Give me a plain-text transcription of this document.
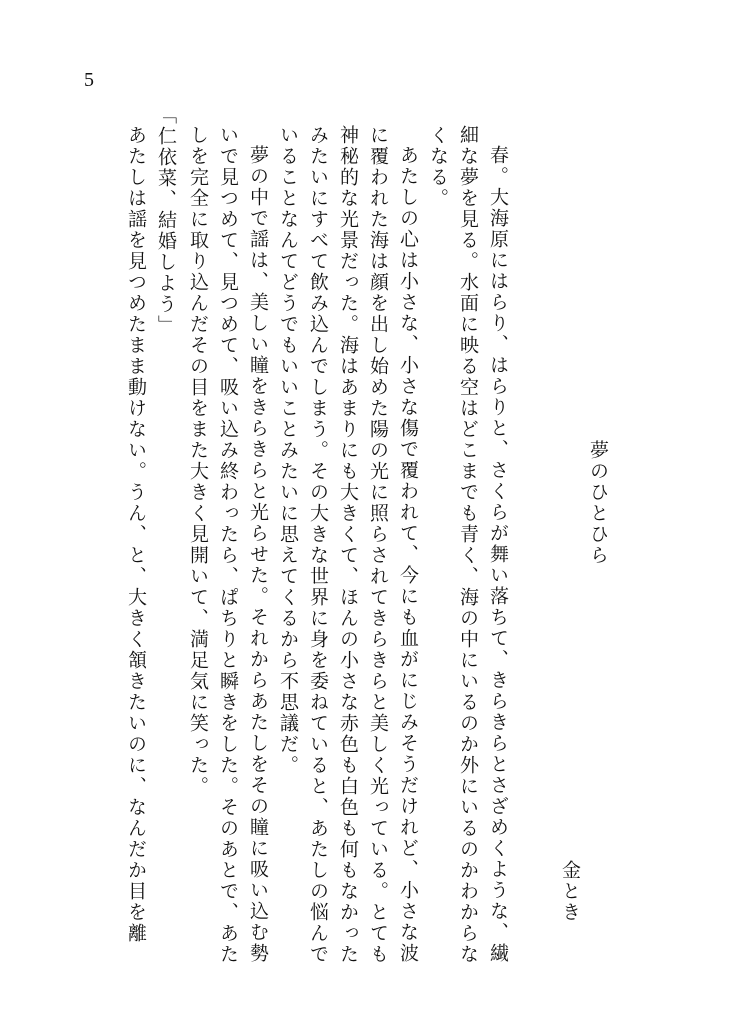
5
夢のひとひら
金とき
春。大海原にはらり、はらりと、さくらが舞い落ちて、きらきらとさざめくような、繊
細な夢を見る。水面に映る空はどこまでも青く、海の中にいるのか外にいるのかわからな
くなる。
あたしの心は小さな、小さな傷で覆われて、今にも血がにじみそうだけれど、小さな波
に覆われた海は顔を出し始めた陽の光に照らされてきらきらと美しく光っている。とても
神秘的な光景だった。海はあまりにも大きくて、ほんの小さな赤色も白色も何もなかった
みたいにすべて飲み込んでしまう。その大きな世界に身を委ねていると、あたしの悩んで
いることなんてどうでもいいことみたいに思えてくるから不思議だ。
夢の中で謡は、美しい瞳をきらきらと光らせた。それからあたしをその瞳に吸い込む勢
いで見つめて、見つめて、吸い込み終わったら、ぱちりと瞬きをした。そのあとで、あた
しを完全に取り込んだその目をまた大きく見開いて、満足気に笑った。
「仁依菜、結婚しよう」
あたしは謡を見つめたまま動けない。うん、と、大きく頷きたいのに、なんだか目を離
